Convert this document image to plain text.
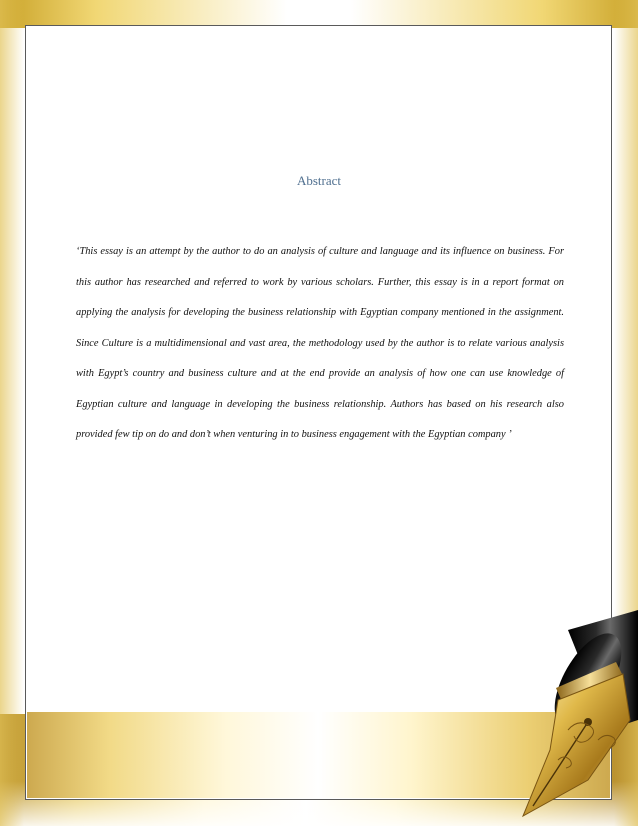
Abstract
‘This essay is an attempt by the author to do an analysis of culture and language and its influence on business. For this author has researched and referred to work by various scholars. Further, this essay is in a report format on applying the analysis for developing the business relationship with Egyptian company mentioned in the assignment. Since Culture is a multidimensional and vast area, the methodology used by the author is to relate various analysis with Egypt’s country and business culture and at the end provide an analysis of how one can use knowledge of Egyptian culture and language in developing the business relationship. Authors has based on his research also provided few tip on do and don’t when venturing in to business engagement with the Egyptian company ’
